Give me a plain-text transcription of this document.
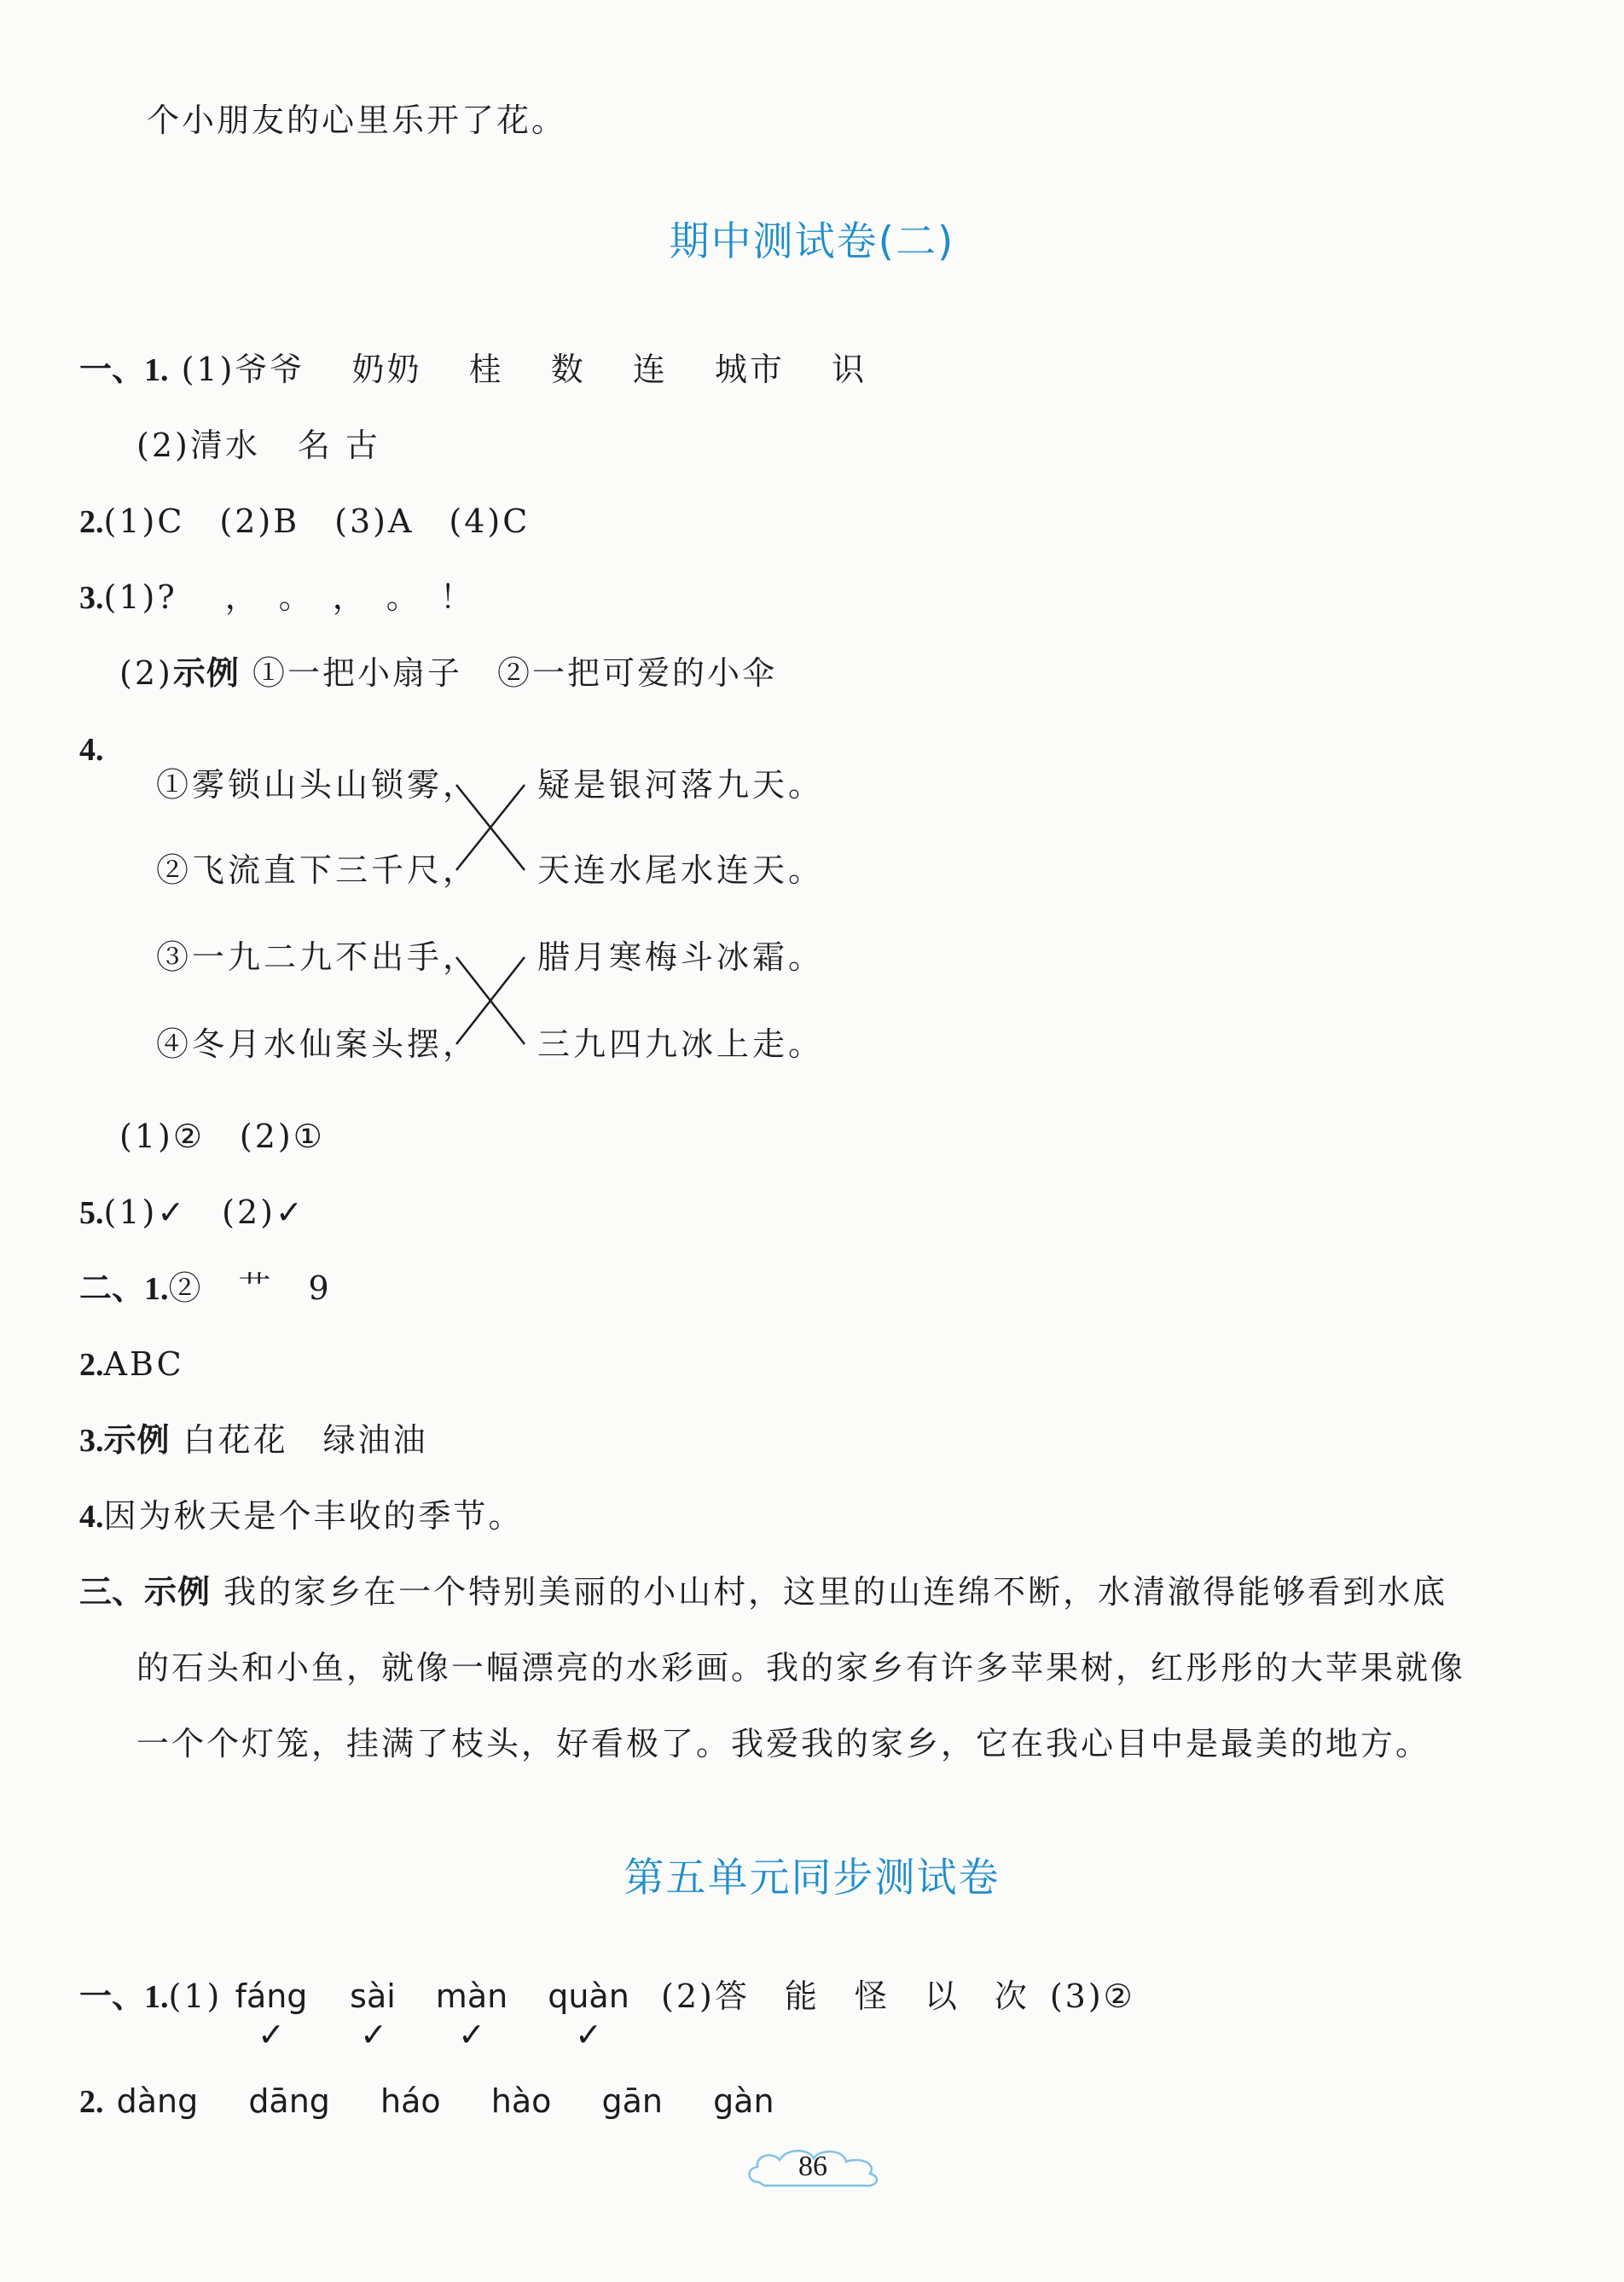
个小朋友的心里乐开了花。
期中测试卷(二)
一、1. (1)爷爷 奶奶 桂 数 连 城市 识
(2)清水 名 古
2.(1)C　(2)B　(3)A　(4)C
3.(1)?　 ，　。　，　。　！
(2)示例 ①一把小扇子　②一把可爱的小伞
4.
①雾锁山头山锁雾，
②飞流直下三千尺，
③一九二九不出手，
④冬月水仙案头摆，
疑是银河落九天。
天连水尾水连天。
腊月寒梅斗冰霜。
三九四九冰上走。
(1)②　(2)①
5.(1)✓　(2)✓
二、1.②　艹　9
2.ABC
3.示例 白花花　绿油油
4.因为秋天是个丰收的季节。
三、示例 我的家乡在一个特别美丽的小山村，这里的山连绵不断，水清澈得能够看到水底
的石头和小鱼，就像一幅漂亮的水彩画。我的家乡有许多苹果树，红彤彤的大苹果就像
一个个灯笼，挂满了枝头，好看极了。我爱我的家乡，它在我心目中是最美的地方。
第五单元同步测试卷
一、1.(1) fáng	sài	màn	quàn
✓ ✓ ✓	✓
(2)答　能　怪　以　次 (3)②
2. dàng dāng háo hào gān gàn
86
